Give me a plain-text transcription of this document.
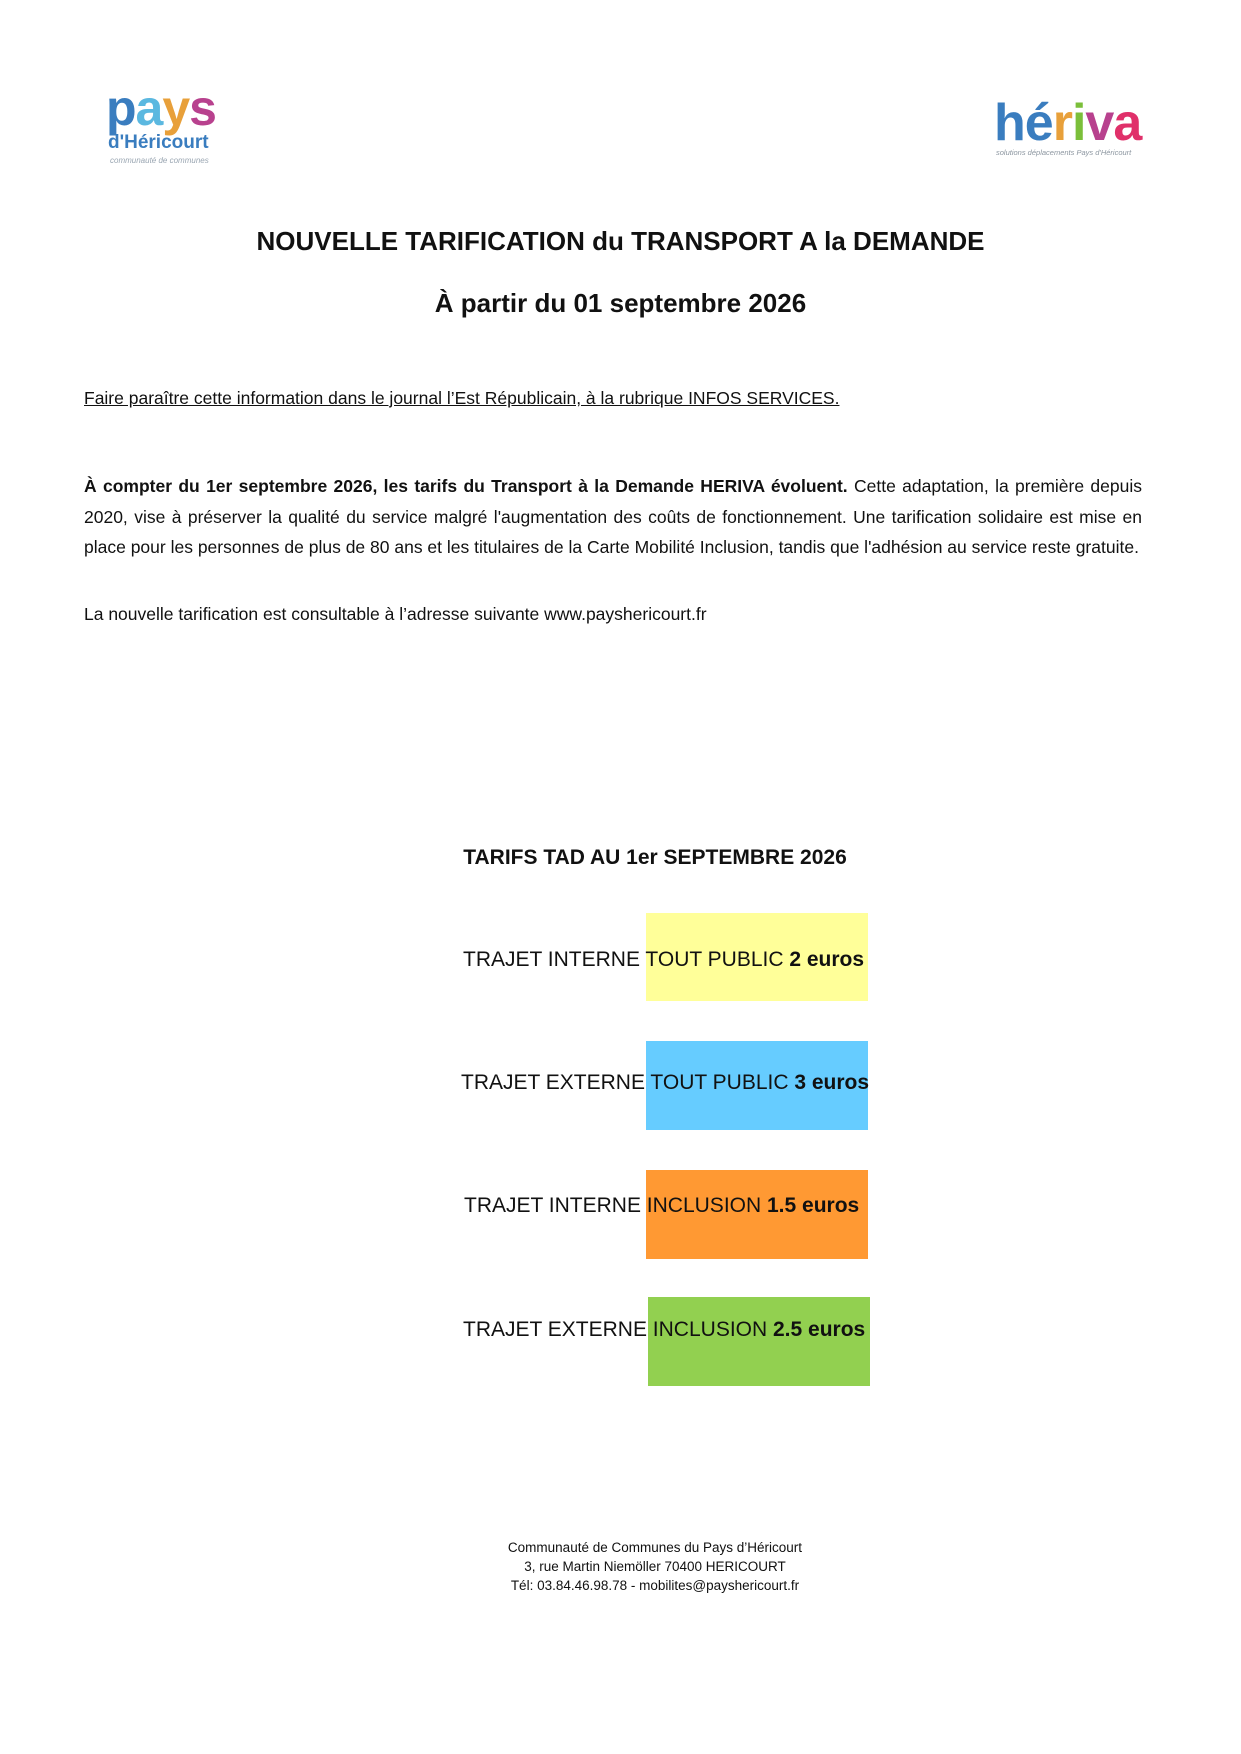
pays
d'Héricourt
communauté de communes
hériva
solutions déplacements Pays d'Héricourt
NOUVELLE TARIFICATION du TRANSPORT A la DEMANDE
À partir du 01 septembre 2026
Faire paraître cette information dans le journal l’Est Républicain, à la rubrique INFOS SERVICES.
À compter du 1er septembre 2026, les tarifs du Transport à la Demande HERIVA évoluent. Cette adaptation, la première depuis 2020, vise à préserver la qualité du service malgré l'augmentation des coûts de fonctionnement. Une tarification solidaire est mise en place pour les personnes de plus de 80 ans et les titulaires de la Carte Mobilité Inclusion, tandis que l'adhésion au service reste gratuite.
La nouvelle tarification est consultable à l’adresse suivante www.payshericourt.fr
TARIFS TAD AU 1er SEPTEMBRE 2026
TRAJET INTERNE TOUT PUBLIC 2 euros
TRAJET EXTERNE TOUT PUBLIC 3 euros
TRAJET INTERNE INCLUSION 1.5 euros
TRAJET EXTERNE INCLUSION 2.5 euros
Communauté de Communes du Pays d’Héricourt
3, rue Martin Niemöller 70400 HERICOURT
Tél: 03.84.46.98.78 - mobilites@payshericourt.fr
